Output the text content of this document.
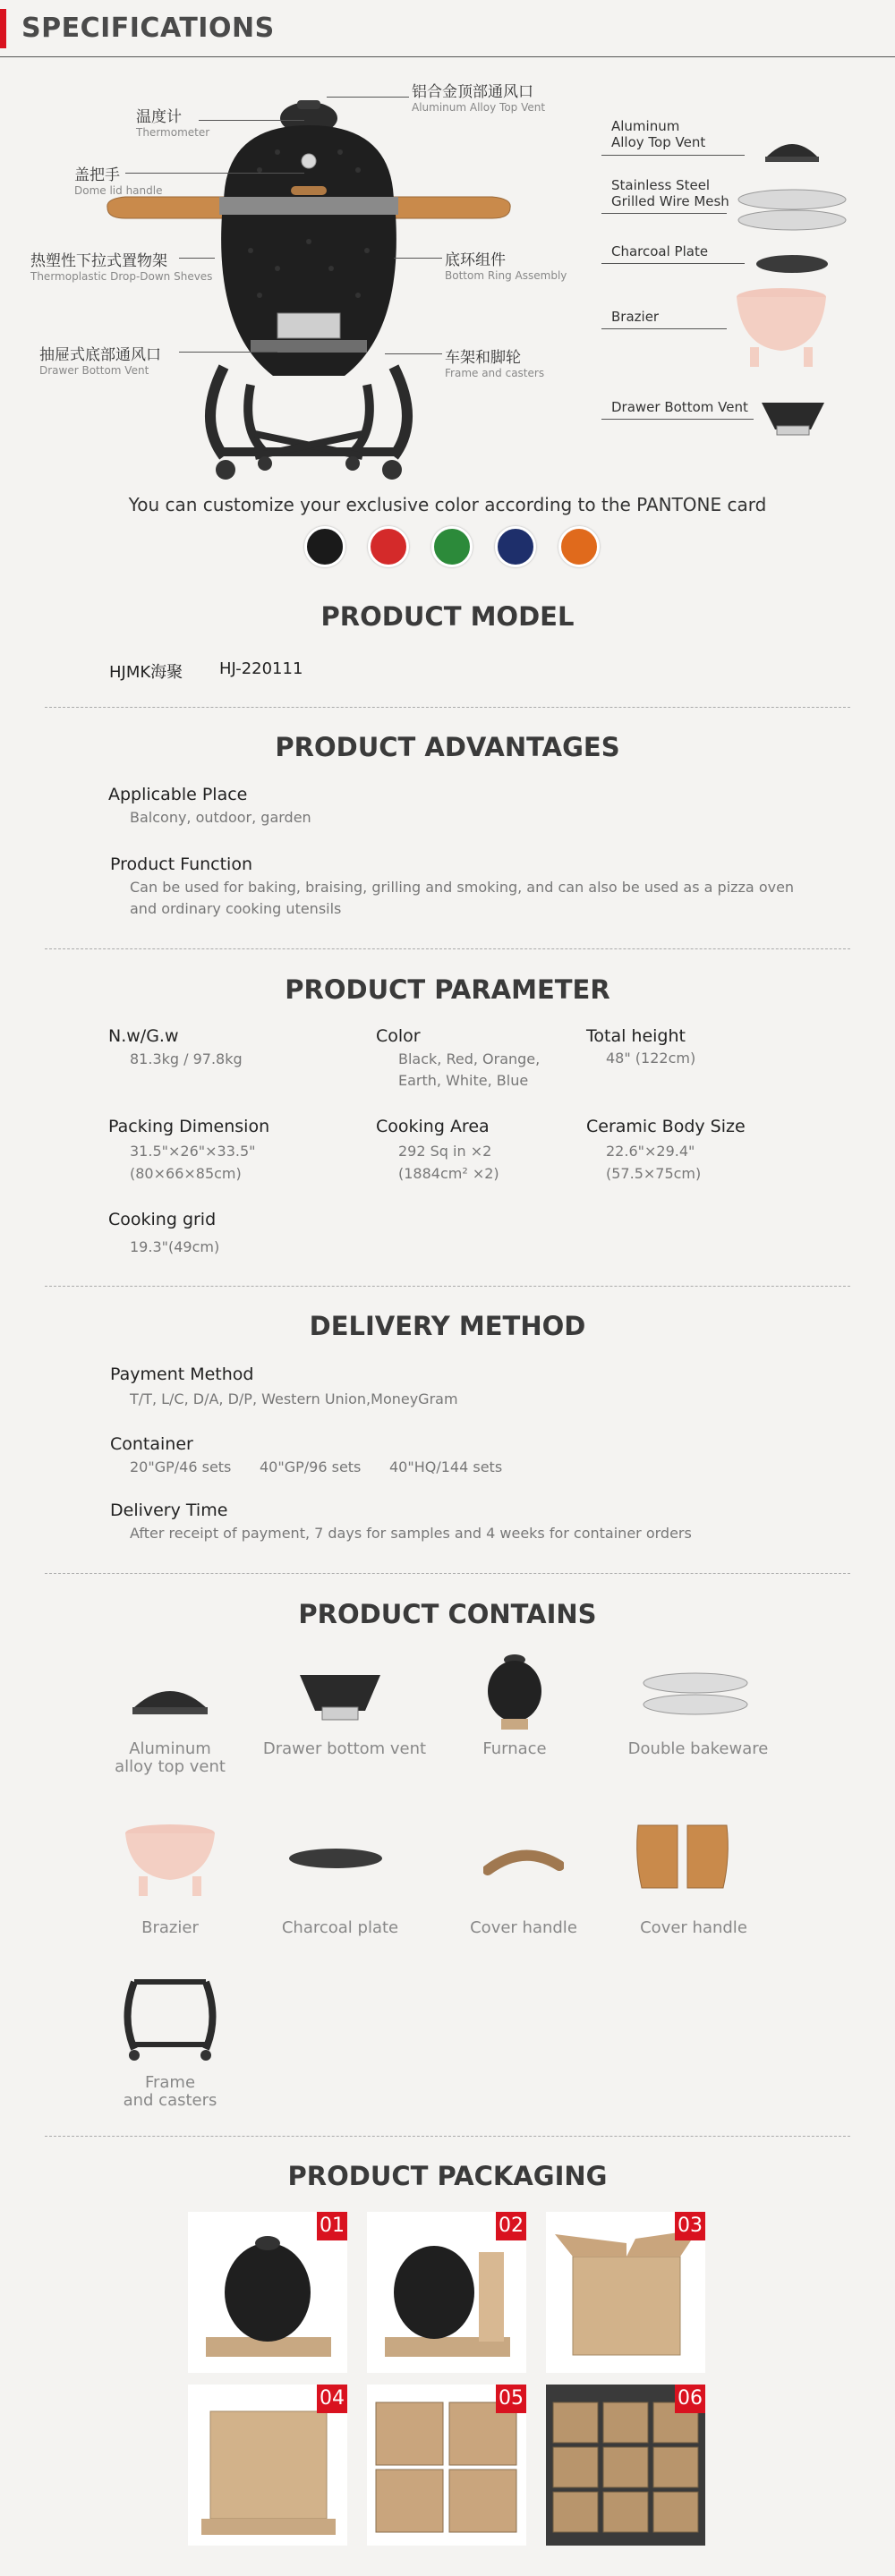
SPECIFICATIONS
温度计
Thermometer
盖把手
Dome lid handle
热塑性下拉式置物架
Thermoplastic Drop-Down Sheves
抽屉式底部通风口
Drawer Bottom Vent
铝合金顶部通风口
Aluminum Alloy Top Vent
底环组件
Bottom Ring Assembly
车架和脚轮
Frame and casters
Aluminum
Alloy Top Vent
Stainless Steel
Grilled Wire Mesh
Charcoal Plate
Brazier
Drawer Bottom Vent
You can customize your exclusive color according to the PANTONE card
PRODUCT MODEL
HJMK海聚 HJ-220111
PRODUCT ADVANTAGES
Applicable Place
Balcony, outdoor, garden
Product Function
Can be used for baking, braising, grilling and smoking, and can also be used as a pizza oven
and ordinary cooking utensils
PRODUCT PARAMETER
N.w/G.w
81.3kg / 97.8kg
Color
Black, Red, Orange,
Earth, White, Blue
Total height
48" (122cm)
Packing Dimension
31.5"×26"×33.5"
(80×66×85cm)
Cooking Area
292 Sq in ×2
(1884cm² ×2)
Ceramic Body Size
22.6"×29.4"
(57.5×75cm)
Cooking grid
19.3"(49cm)
DELIVERY METHOD
Payment Method
T/T, L/C, D/A, D/P, Western Union,MoneyGram
Container
20"GP/46 sets 40"GP/96 sets 40"HQ/144 sets
Delivery Time
After receipt of payment, 7 days for samples and 4 weeks for container orders
PRODUCT CONTAINS
Aluminum
alloy top vent
Drawer bottom vent	Furnace	Double bakeware
Brazier	Charcoal plate	Cover handle	Cover handle
Frame
and casters
PRODUCT PACKAGING
01	02	03
04	05	06
